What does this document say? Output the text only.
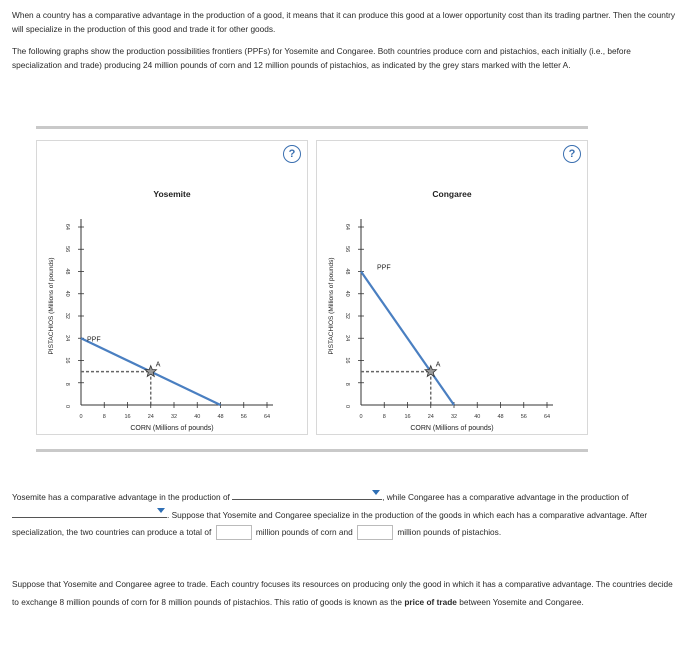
When a country has a comparative advantage in the production of a good, it means that it can produce this good at a lower opportunity cost than its trading partner. Then the country will specialize in the production of this good and trade it for other goods.

The following graphs show the production possibilities frontiers (PPFs) for Yosemite and Congaree. Both countries produce corn and pistachios, each initially (i.e., before specialization and trade) producing 24 million pounds of corn and 12 million pounds of pistachios, as indicated by the grey stars marked with the letter A.

?
Yosemite
0
8
16
24
32
40
48
56
64
0	8	16	24	32	40	48	56	64
CORN (Millions of pounds)
PISTACHIOS (Millions of pounds)	PPF
A
?
Congaree
0
8
16
24
32
40
48
56
64
0	8	16	24	32	40	48	56	64
CORN (Millions of pounds)
PISTACHIOS (Millions of pounds)	PPF
A
Yosemite has a comparative advantage in the production of	, while Congaree has a comparative advantage in the production of
. Suppose that Yosemite and Congaree specialize in the production of the goods in which each has a comparative advantage. After specialization, the two countries can produce a total of	million pounds of corn and	million pounds of pistachios.
Suppose that Yosemite and Congaree agree to trade. Each country focuses its resources on producing only the good in which it has a comparative advantage. The countries decide to exchange 8 million pounds of corn for 8 million pounds of pistachios. This ratio of goods is known as the price of trade between Yosemite and Congaree.
